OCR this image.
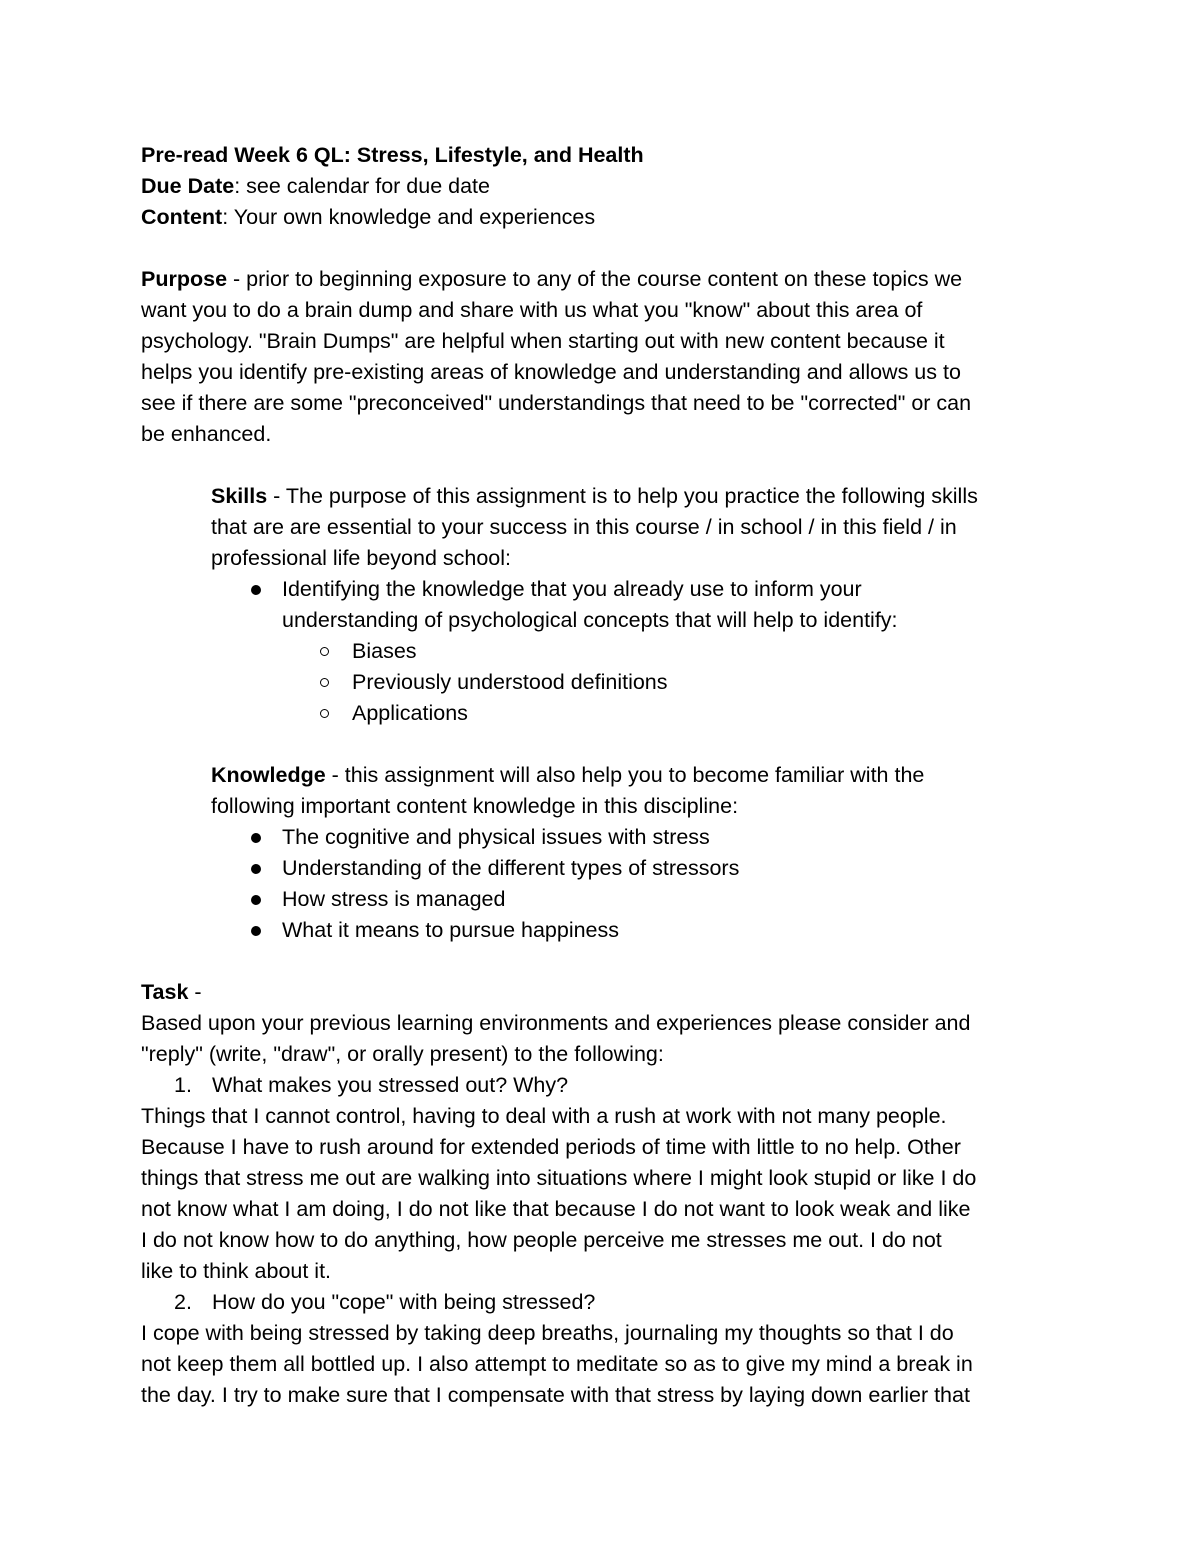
Pre-read Week 6 QL: Stress, Lifestyle, and Health
Due Date: see calendar for due date
Content: Your own knowledge and experiences
Purpose - prior to beginning exposure to any of the course content on these topics we
want you to do a brain dump and share with us what you "know" about this area of
psychology. "Brain Dumps" are helpful when starting out with new content because it
helps you identify pre-existing areas of knowledge and understanding and allows us to
see if there are some "preconceived" understandings that need to be "corrected" or can
be enhanced.
Skills - The purpose of this assignment is to help you practice the following skills
that are are essential to your success in this course / in school / in this field / in
professional life beyond school:
Identifying the knowledge that you already use to inform your
understanding of psychological concepts that will help to identify:
Biases
Previously understood definitions
Applications
Knowledge - this assignment will also help you to become familiar with the
following important content knowledge in this discipline:
The cognitive and physical issues with stress
Understanding of the different types of stressors
How stress is managed
What it means to pursue happiness
Task -
Based upon your previous learning environments and experiences please consider and
"reply" (write, "draw", or orally present) to the following:
1. What makes you stressed out? Why?
Things that I cannot control, having to deal with a rush at work with not many people.
Because I have to rush around for extended periods of time with little to no help. Other
things that stress me out are walking into situations where I might look stupid or like I do
not know what I am doing, I do not like that because I do not want to look weak and like
I do not know how to do anything, how people perceive me stresses me out. I do not
like to think about it.
2. How do you "cope" with being stressed?
I cope with being stressed by taking deep breaths, journaling my thoughts so that I do
not keep them all bottled up. I also attempt to meditate so as to give my mind a break in
the day. I try to make sure that I compensate with that stress by laying down earlier that
